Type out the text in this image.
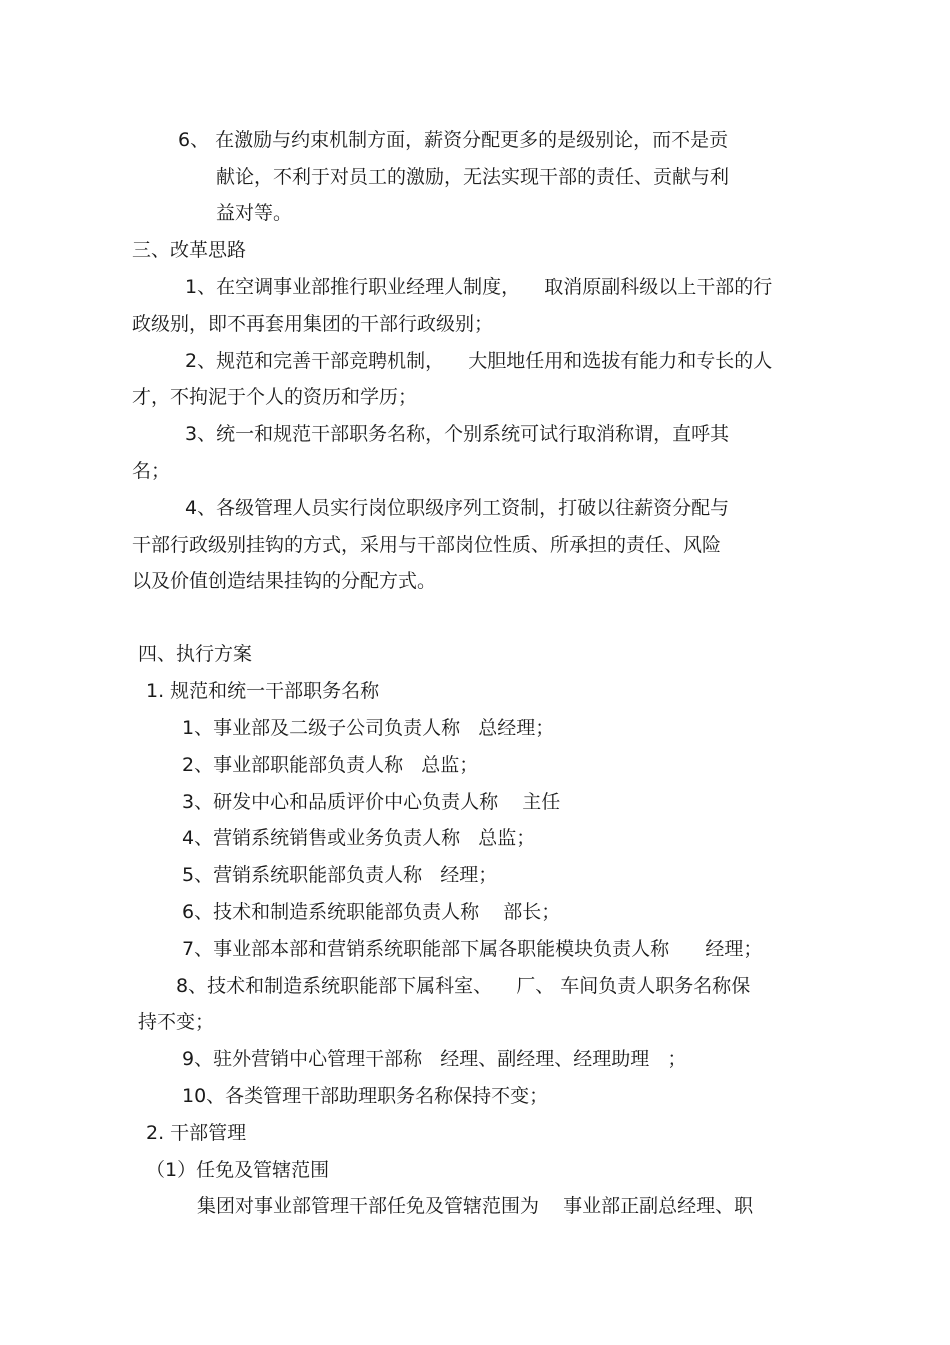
6、 在激励与约束机制方面，薪资分配更多的是级别论，而不是贡
献论，不利于对员工的激励，无法实现干部的责任、贡献与利
益对等。
三、改革思路
1、在空调事业部推行职业经理人制度，    取消原副科级以上干部的行
政级别，即不再套用集团的干部行政级别；
2、规范和完善干部竞聘机制，    大胆地任用和选拔有能力和专长的人
才，不拘泥于个人的资历和学历；
3、统一和规范干部职务名称，个别系统可试行取消称谓，直呼其
名；
4、各级管理人员实行岗位职级序列工资制，打破以往薪资分配与
干部行政级别挂钩的方式，采用与干部岗位性质、所承担的责任、风险
以及价值创造结果挂钩的分配方式。
四、执行方案
1. 规范和统一干部职务名称
1、事业部及二级子公司负责人称   总经理；
2、事业部职能部负责人称   总监；
3、研发中心和品质评价中心负责人称    主任
4、营销系统销售或业务负责人称   总监；
5、营销系统职能部负责人称   经理；
6、技术和制造系统职能部负责人称    部长；
7、事业部本部和营销系统职能部下属各职能模块负责人称      经理；
8、技术和制造系统职能部下属科室、    厂、 车间负责人职务名称保
持不变；
9、驻外营销中心管理干部称   经理、副经理、经理助理   ；
10、各类管理干部助理职务名称保持不变；
2. 干部管理
（1）任免及管辖范围
集团对事业部管理干部任免及管辖范围为    事业部正副总经理、职
